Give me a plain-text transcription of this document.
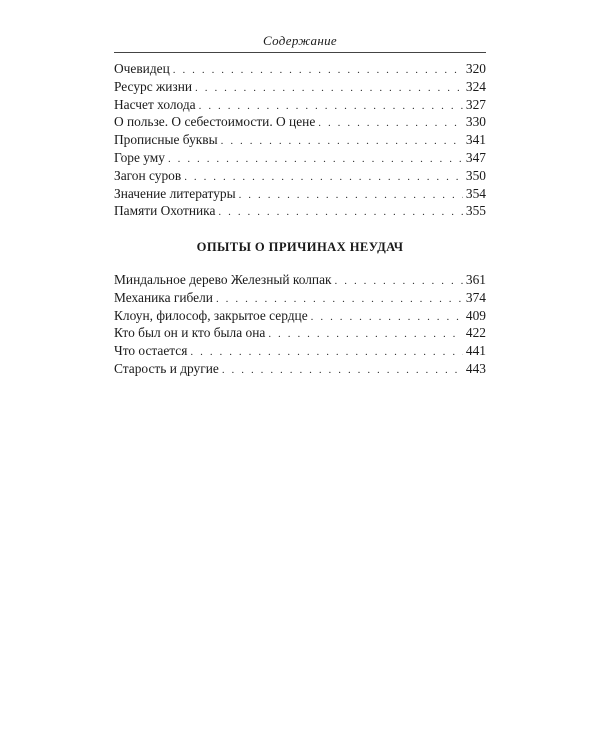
Содержание
Очевидец . . .	320
Ресурс жизни . . .	324
Насчет холода . . .	327
О пользе. О себестоимости. О цене . . .	330
Прописные буквы . . .	341
Горе уму . . .	347
Загон суров . . .	350
Значение литературы . . .	354
Памяти Охотника . . .	355
ОПЫТЫ О ПРИЧИНАХ НЕУДАЧ
Миндальное дерево Железный колпак . . .	361
Механика гибели . . .	374
Клоун, философ, закрытое сердце . . .	409
Кто был он и кто была она . . .	422
Что остается . . .	441
Старость и другие . . .	443
